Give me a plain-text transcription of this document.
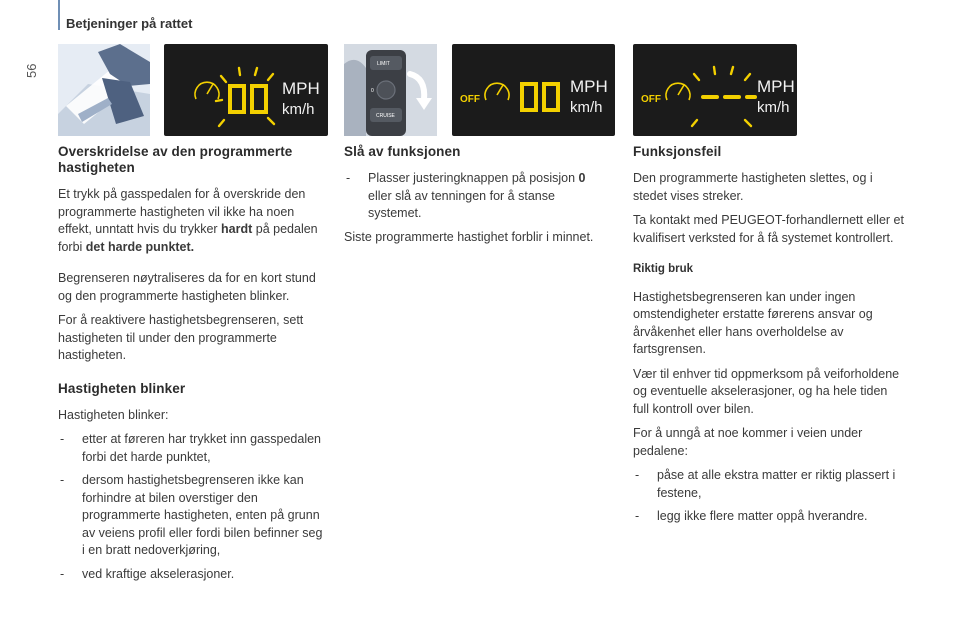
Betjeninger på rattet
56
MPH
km/h
LIMIT
0
CRUISE
OFF
MPH
km/h	OFF
MPH
km/h
Overskridelse av den programmerte hastigheten

Et trykk på gasspedalen for å overskride den programmerte hastigheten vil ikke ha noen effekt, unntatt hvis du trykker hardt på pedalen forbi det harde punktet.

Begrenseren nøytraliseres da for en kort stund og den programmerte hastigheten blinker.

For å reaktivere hastighetsbegrenseren, sett hastigheten til under den programmerte hastigheten.

Hastigheten blinker

Hastigheten blinker:

- etter at føreren har trykket inn gasspedalen forbi det harde punktet,
- dersom hastighetsbegrenseren ikke kan forhindre at bilen overstiger den programmerte hastigheten, enten på grunn av veiens profil eller fordi bilen befinner seg i en bratt nedoverkjøring,
- ved kraftige akselerasjoner.
Slå av funksjonen
- Plasser justeringknappen på posisjon 0 eller slå av tenningen for å stanse systemet.

Siste programmerte hastighet forblir i minnet.

Funksjonsfeil

Den programmerte hastigheten slettes, og i stedet vises streker.

Ta kontakt med PEUGEOT-forhandlernett eller et kvalifisert verksted for å få systemet kontrollert.

Riktig bruk

Hastighetsbegrenseren kan under ingen omstendigheter erstatte førerens ansvar og årvåkenhet eller hans overholdelse av fartsgrensen.

Vær til enhver tid oppmerksom på veiforholdene og eventuelle akselerasjoner, og ha hele tiden full kontroll over bilen.

For å unngå at noe kommer i veien under pedalene:

- påse at alle ekstra matter er riktig plassert i festene,
- legg ikke flere matter oppå hverandre.
